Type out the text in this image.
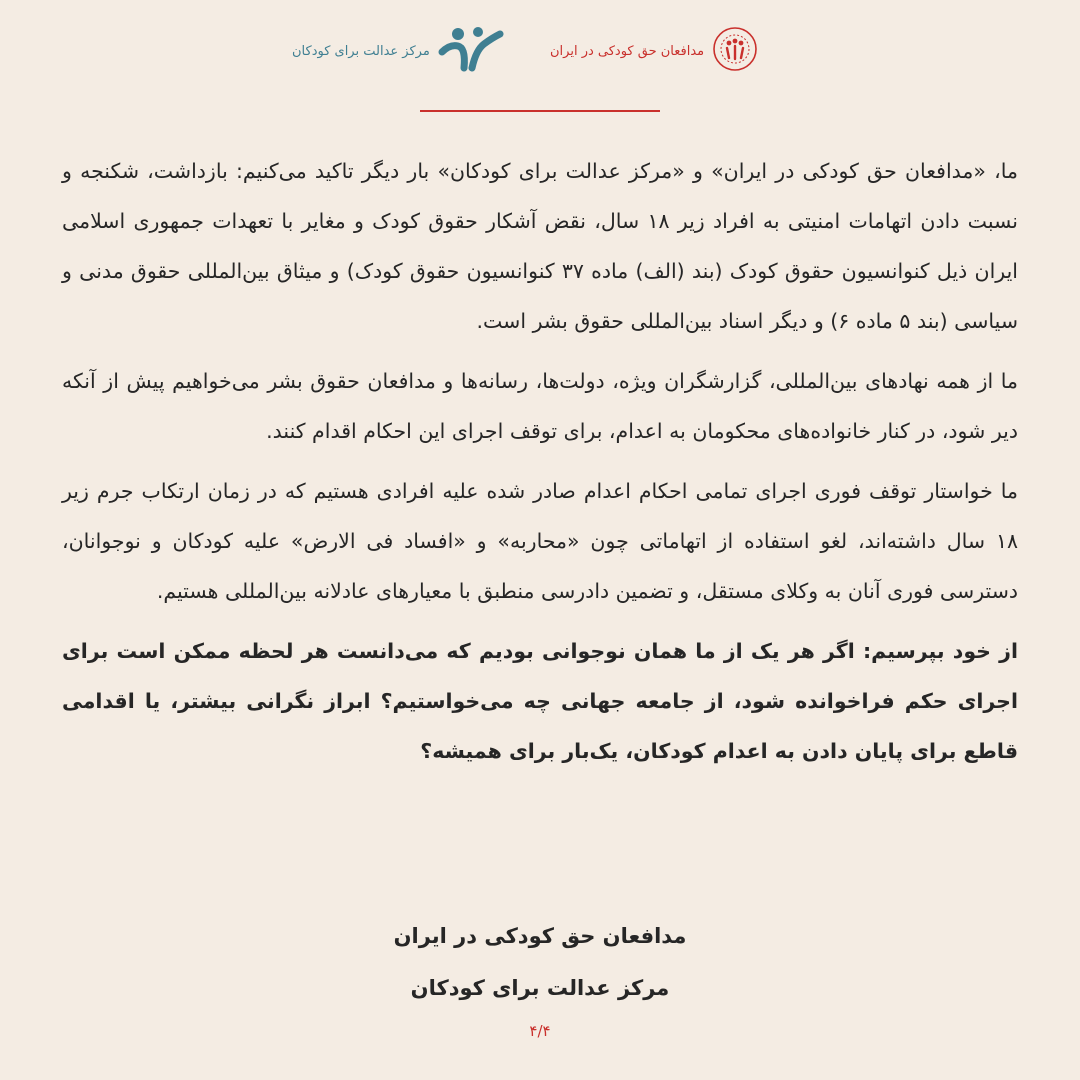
مرکز عدالت برای کودکان	مدافعان حق کودکی در ایران

ما، «مدافعان حق کودکی در ایران» و «مرکز عدالت برای کودکان» بار دیگر تاکید می‌کنیم: بازداشت، شکنجه و نسبت دادن اتهامات امنیتی به افراد زیر ۱۸ سال، نقض آشکار حقوق کودک و مغایر با تعهدات جمهوری اسلامی ایران ذیل کنوانسیون حقوق کودک (بند (الف) ماده ۳۷ کنوانسیون حقوق کودک) و میثاق بین‌المللی حقوق مدنی و سیاسی (بند ۵ ماده ۶) و دیگر اسناد بین‌المللی حقوق بشر است.

ما از همه نهادهای بین‌المللی، گزارشگران ویژه، دولت‌ها، رسانه‌ها و مدافعان حقوق بشر می‌خواهیم پیش از آنکه دیر شود، در کنار خانواده‌های محکومان به اعدام، برای توقف اجرای این احکام اقدام کنند.

ما خواستار توقف فوری اجرای تمامی احکام اعدام صادر شده علیه افرادی هستیم که در زمان ارتکاب جرم زیر ۱۸ سال داشته‌اند، لغو استفاده از اتهاماتی چون «محاربه» و «افساد فی الارض» علیه کودکان و نوجوانان، دسترسی فوری آنان به وکلای مستقل، و تضمین دادرسی منطبق با معیارهای عادلانه بین‌المللی هستیم.

از خود بپرسیم: اگر هر یک از ما همان نوجوانی بودیم که می‌دانست هر لحظه ممکن است برای اجرای حکم فراخوانده شود، از جامعه جهانی چه می‌خواستیم؟ ابراز نگرانی بیشتر، یا اقدامی قاطع برای پایان دادن به اعدام کودکان، یک‌بار برای همیشه؟

مدافعان حق کودکی در ایران
مرکز عدالت برای کودکان
۴/۴
